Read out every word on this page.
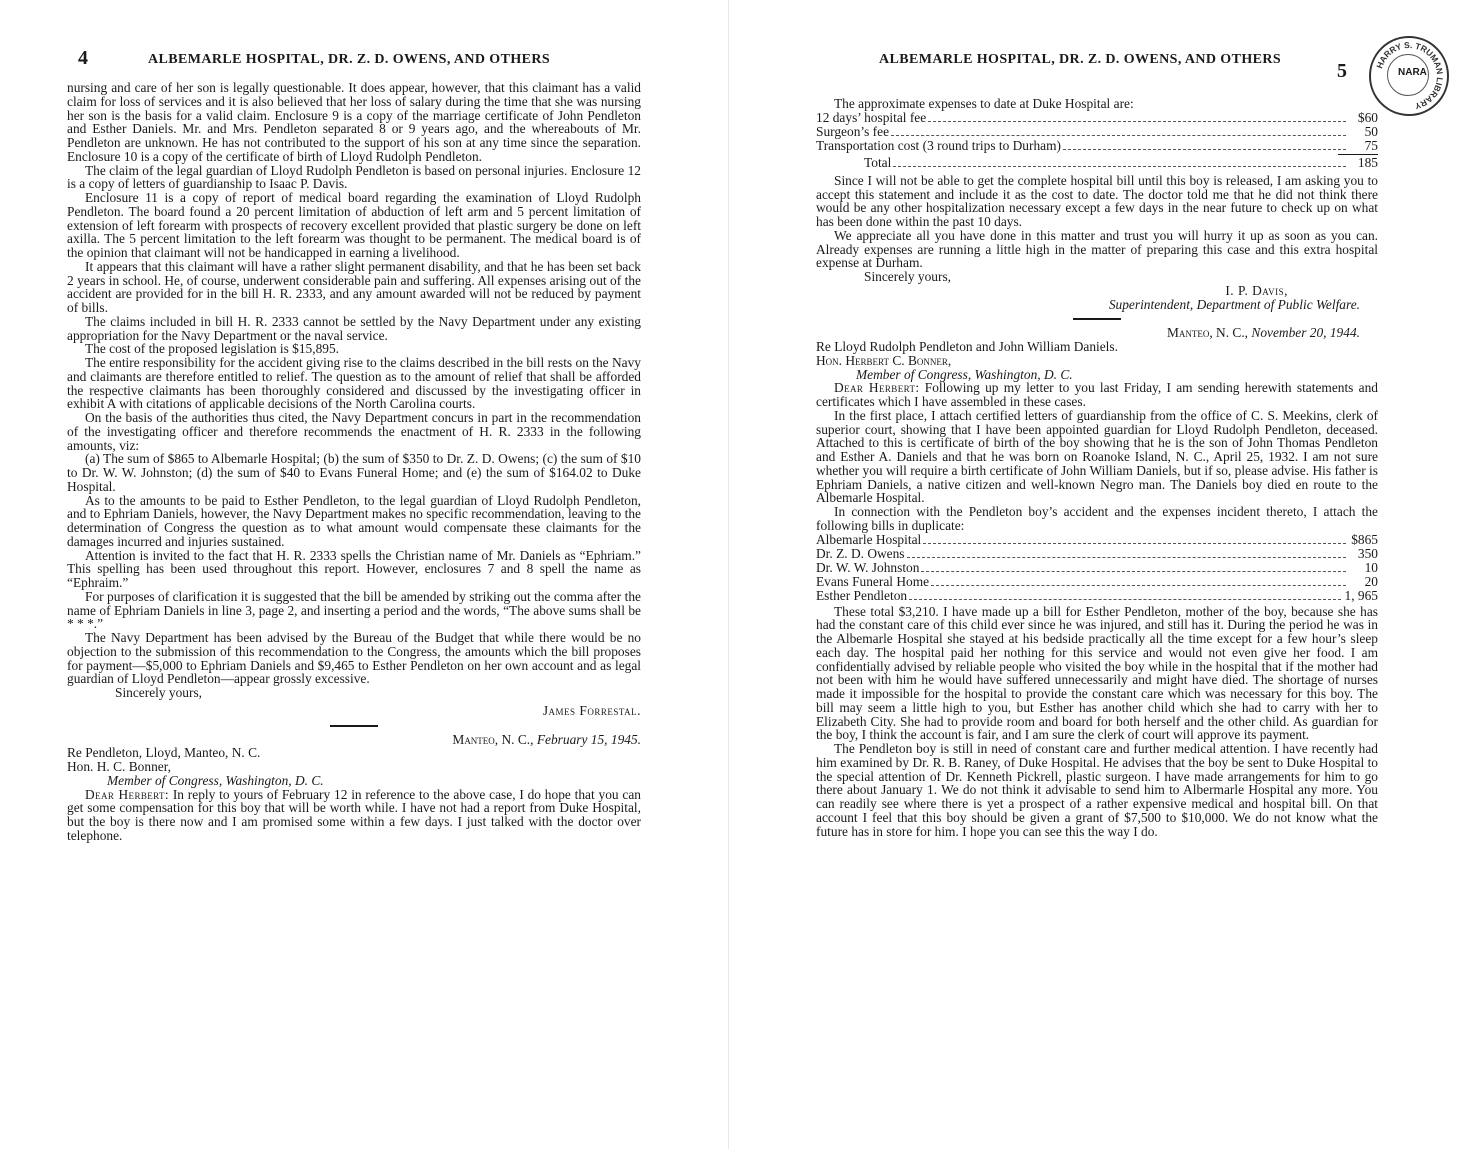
4	ALBEMARLE HOSPITAL, DR. Z. D. OWENS, AND OTHERS

nursing and care of her son is legally questionable. It does appear, however, that this claimant has a valid claim for loss of services and it is also believed that her loss of salary during the time that she was nursing her son is the basis for a valid claim. Enclosure 9 is a copy of the marriage certificate of John Pendleton and Esther Daniels. Mr. and Mrs. Pendleton separated 8 or 9 years ago, and the whereabouts of Mr. Pendleton are unknown. He has not contributed to the support of his son at any time since the separation. Enclosure 10 is a copy of the certificate of birth of Lloyd Rudolph Pendleton.

The claim of the legal guardian of Lloyd Rudolph Pendleton is based on personal injuries. Enclosure 12 is a copy of letters of guardianship to Isaac P. Davis.

Enclosure 11 is a copy of report of medical board regarding the examination of Lloyd Rudolph Pendleton. The board found a 20 percent limitation of abduction of left arm and 5 percent limitation of extension of left forearm with prospects of recovery excellent provided that plastic surgery be done on left axilla. The 5 percent limitation to the left forearm was thought to be permanent. The medical board is of the opinion that claimant will not be handicapped in earning a livelihood.

It appears that this claimant will have a rather slight permanent disability, and that he has been set back 2 years in school. He, of course, underwent considerable pain and suffering. All expenses arising out of the accident are provided for in the bill H. R. 2333, and any amount awarded will not be reduced by payment of bills.

The claims included in bill H. R. 2333 cannot be settled by the Navy Department under any existing appropriation for the Navy Department or the naval service.

The cost of the proposed legislation is $15,895.

The entire responsibility for the accident giving rise to the claims described in the bill rests on the Navy and claimants are therefore entitled to relief. The question as to the amount of relief that shall be afforded the respective claimants has been thoroughly considered and discussed by the investigating officer in exhibit A with citations of applicable decisions of the North Carolina courts.

On the basis of the authorities thus cited, the Navy Department concurs in part in the recommendation of the investigating officer and therefore recommends the enactment of H. R. 2333 in the following amounts, viz:

(a) The sum of $865 to Albemarle Hospital; (b) the sum of $350 to Dr. Z. D. Owens; (c) the sum of $10 to Dr. W. W. Johnston; (d) the sum of $40 to Evans Funeral Home; and (e) the sum of $164.02 to Duke Hospital.

As to the amounts to be paid to Esther Pendleton, to the legal guardian of Lloyd Rudolph Pendleton, and to Ephriam Daniels, however, the Navy Department makes no specific recommendation, leaving to the determination of Congress the question as to what amount would compensate these claimants for the damages incurred and injuries sustained.

Attention is invited to the fact that H. R. 2333 spells the Christian name of Mr. Daniels as “Ephriam.” This spelling has been used throughout this report. However, enclosures 7 and 8 spell the name as “Ephraim.”

For purposes of clarification it is suggested that the bill be amended by striking out the comma after the name of Ephriam Daniels in line 3, page 2, and inserting a period and the words, “The above sums shall be * * *.”

The Navy Department has been advised by the Bureau of the Budget that while there would be no objection to the submission of this recommendation to the Congress, the amounts which the bill proposes for payment—$5,000 to Ephriam Daniels and $9,465 to Esther Pendleton on her own account and as legal guardian of Lloyd Pendleton—appear grossly excessive.

Sincerely yours,

James Forrestal.

Manteo, N. C., February 15, 1945.

Re Pendleton, Lloyd, Manteo, N. C.

Hon. H. C. Bonner,

Member of Congress, Washington, D. C.

Dear Herbert: In reply to yours of February 12 in reference to the above case, I do hope that you can get some compensation for this boy that will be worth while. I have not had a report from Duke Hospital, but the boy is there now and I am promised some within a few days. I just talked with the doctor over telephone.

ALBEMARLE HOSPITAL, DR. Z. D. OWENS, AND OTHERS
5	HARRY S. TRUMAN LIBRARY
NARA

The approximate expenses to date at Duke Hospital are:

12 days’ hospital fee	$60
Surgeon’s fee	50
Transportation cost (3 round trips to Durham)	75
Total	185

Since I will not be able to get the complete hospital bill until this boy is released, I am asking you to accept this statement and include it as the cost to date. The doctor told me that he did not think there would be any other hospitalization necessary except a few days in the near future to check up on what has been done within the past 10 days.

We appreciate all you have done in this matter and trust you will hurry it up as soon as you can. Already expenses are running a little high in the matter of preparing this case and this extra hospital expense at Durham.

Sincerely yours,

I. P. Davis,

Superintendent, Department of Public Welfare.

Manteo, N. C., November 20, 1944.

Re Lloyd Rudolph Pendleton and John William Daniels.

Hon. Herbert C. Bonner,

Member of Congress, Washington, D. C.

Dear Herbert: Following up my letter to you last Friday, I am sending herewith statements and certificates which I have assembled in these cases.

In the first place, I attach certified letters of guardianship from the office of C. S. Meekins, clerk of superior court, showing that I have been appointed guardian for Lloyd Rudolph Pendleton, deceased. Attached to this is certificate of birth of the boy showing that he is the son of John Thomas Pendleton and Esther A. Daniels and that he was born on Roanoke Island, N. C., April 25, 1932. I am not sure whether you will require a birth certificate of John William Daniels, but if so, please advise. His father is Ephriam Daniels, a native citizen and well-known Negro man. The Daniels boy died en route to the Albemarle Hospital.

In connection with the Pendleton boy’s accident and the expenses incident thereto, I attach the following bills in duplicate:

Albemarle Hospital	$865
Dr. Z. D. Owens	350
Dr. W. W. Johnston	10
Evans Funeral Home	20
Esther Pendleton	1, 965

These total $3,210. I have made up a bill for Esther Pendleton, mother of the boy, because she has had the constant care of this child ever since he was injured, and still has it. During the period he was in the Albemarle Hospital she stayed at his bedside practically all the time except for a few hour’s sleep each day. The hospital paid her nothing for this service and would not even give her food. I am confidentially advised by reliable people who visited the boy while in the hospital that if the mother had not been with him he would have suffered unnecessarily and might have died. The shortage of nurses made it impossible for the hospital to provide the constant care which was necessary for this boy. The bill may seem a little high to you, but Esther has another child which she had to carry with her to Elizabeth City. She had to provide room and board for both herself and the other child. As guardian for the boy, I think the account is fair, and I am sure the clerk of court will approve its payment.

The Pendleton boy is still in need of constant care and further medical attention. I have recently had him examined by Dr. R. B. Raney, of Duke Hospital. He advises that the boy be sent to Duke Hospital to the special attention of Dr. Kenneth Pickrell, plastic surgeon. I have made arrangements for him to go there about January 1. We do not think it advisable to send him to Albermarle Hospital any more. You can readily see where there is yet a prospect of a rather expensive medical and hospital bill. On that account I feel that this boy should be given a grant of $7,500 to $10,000. We do not know what the future has in store for him. I hope you can see this the way I do.
